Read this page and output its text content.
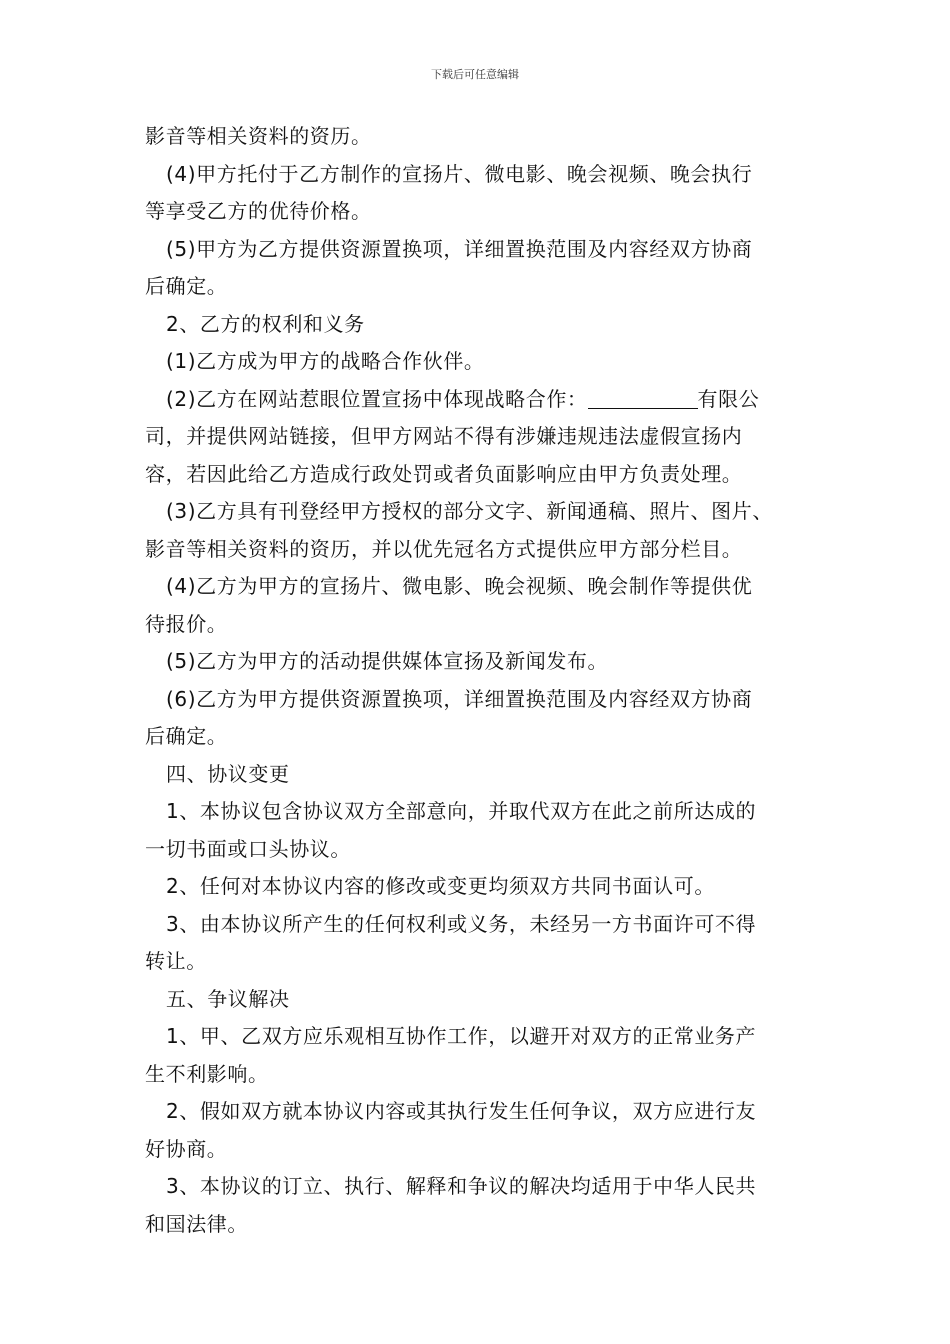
下载后可任意编辑
影音等相关资料的资历。
(4)甲方托付于乙方制作的宣扬片、微电影、晚会视频、晚会执行
等享受乙方的优待价格。
(5)甲方为乙方提供资源置换项，详细置换范围及内容经双方协商
后确定。
2、乙方的权利和义务
(1)乙方成为甲方的战略合作伙伴。
(2)乙方在网站惹眼位置宣扬中体现战略合作：	有限公
司，并提供网站链接，但甲方网站不得有涉嫌违规违法虚假宣扬内
容，若因此给乙方造成行政处罚或者负面影响应由甲方负责处理。
(3)乙方具有刊登经甲方授权的部分文字、新闻通稿、照片、图片、
影音等相关资料的资历，并以优先冠名方式提供应甲方部分栏目。
(4)乙方为甲方的宣扬片、微电影、晚会视频、晚会制作等提供优
待报价。
(5)乙方为甲方的活动提供媒体宣扬及新闻发布。
(6)乙方为甲方提供资源置换项，详细置换范围及内容经双方协商
后确定。
四、协议变更
1、本协议包含协议双方全部意向，并取代双方在此之前所达成的
一切书面或口头协议。
2、任何对本协议内容的修改或变更均须双方共同书面认可。
3、由本协议所产生的任何权利或义务，未经另一方书面许可不得
转让。
五、争议解决
1、甲、乙双方应乐观相互协作工作，以避开对双方的正常业务产
生不利影响。
2、假如双方就本协议内容或其执行发生任何争议，双方应进行友
好协商。
3、本协议的订立、执行、解释和争议的解决均适用于中华人民共
和国法律。
